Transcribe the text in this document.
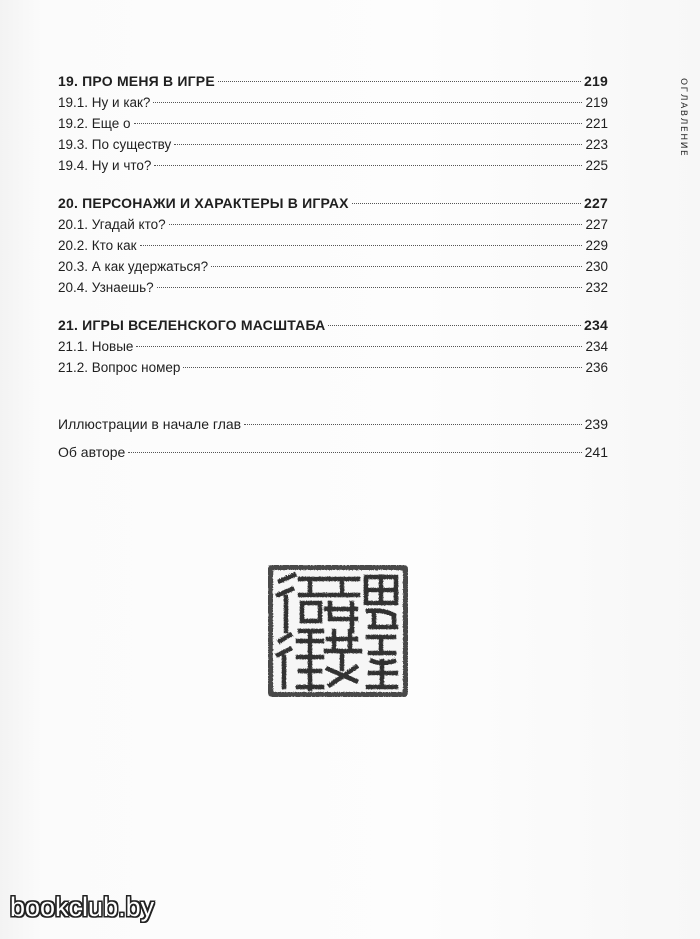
ОГЛАВЛЕНИЕ
19. ПРО МЕНЯ В ИГРЕ	219
19.1. Ну и как?	219
19.2. Еще о	221
19.3. По существу	223
19.4. Ну и что?	225
20. ПЕРСОНАЖИ И ХАРАКТЕРЫ В ИГРАХ	227
20.1. Угадай кто?	227
20.2. Кто как	229
20.3. А как удержаться?	230
20.4. Узнаешь?	232
21. ИГРЫ ВСЕЛЕНСКОГО МАСШТАБА	234
21.1. Новые	234
21.2. Вопрос номер	236
Иллюстрации в начале глав	239
Об авторе	241
bookclub.by
